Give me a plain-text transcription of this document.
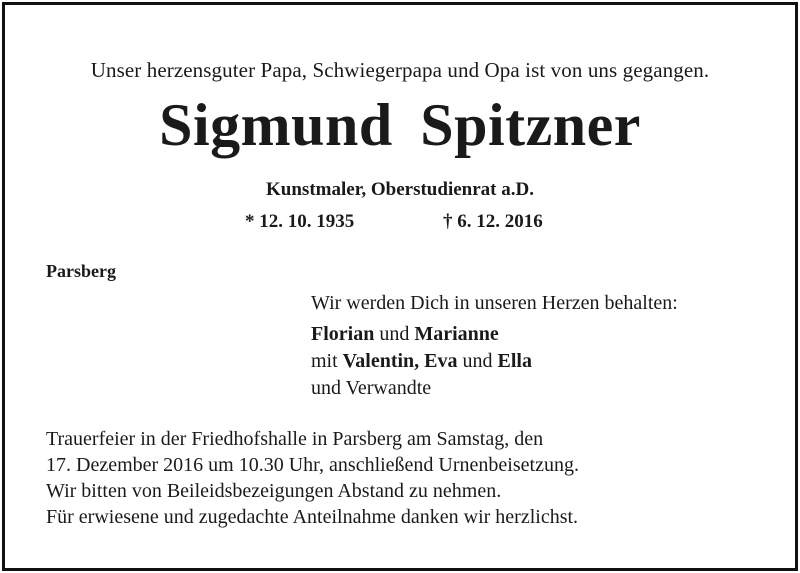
Unser herzensguter Papa, Schwiegerpapa und Opa ist von uns gegangen.
Sigmund Spitzner
Kunstmaler, Oberstudienrat a.D.
* 12. 10. 1935	† 6. 12. 2016
Parsberg
Wir werden Dich in unseren Herzen behalten:
Florian und Marianne
mit Valentin, Eva und Ella
und Verwandte
Trauerfeier in der Friedhofshalle in Parsberg am Samstag, den
17. Dezember 2016 um 10.30 Uhr, anschließend Urnenbeisetzung.
Wir bitten von Beileidsbezeigungen Abstand zu nehmen.
Für erwiesene und zugedachte Anteilnahme danken wir herzlichst.
